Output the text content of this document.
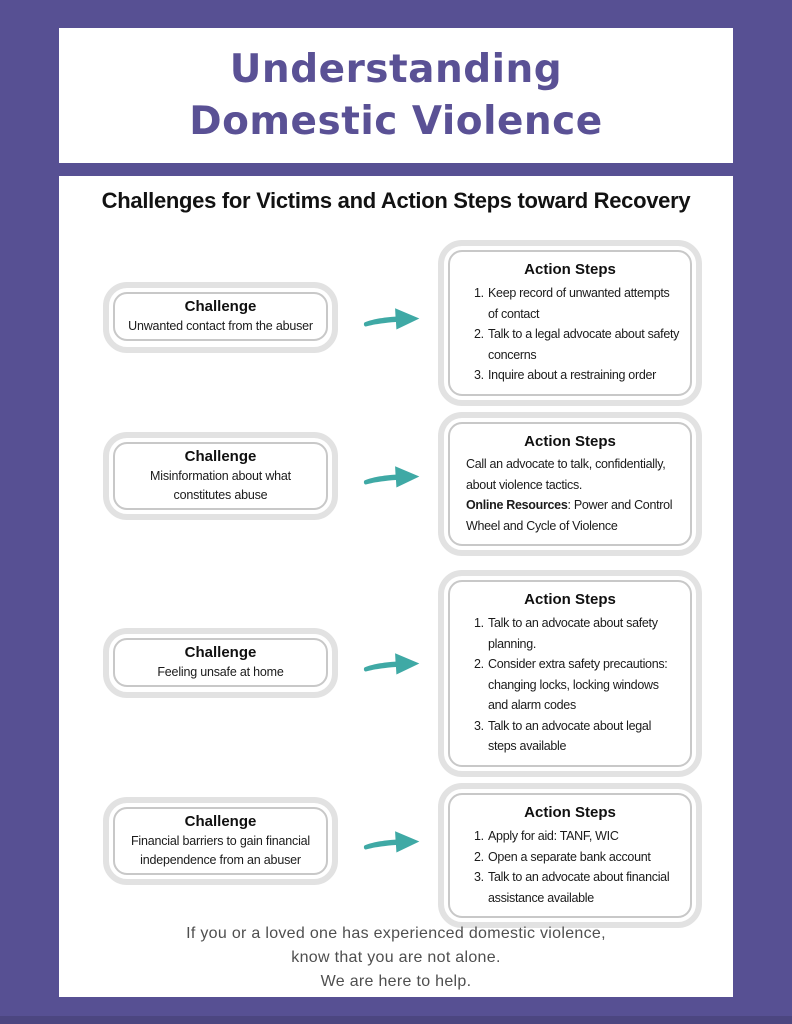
Understanding
Domestic Violence
Challenges for Victims and Action Steps toward Recovery
Challenge
Unwanted contact from the abuser
Action Steps
Keep record of unwanted attempts of contact
Talk to a legal advocate about safety concerns
Inquire about a restraining order
Challenge
Misinformation about what constitutes abuse
Action Steps

Call an advocate to talk, confidentially, about violence tactics.

Online Resources: Power and Control Wheel and Cycle of Violence

Challenge
Feeling unsafe at home
Action Steps
Talk to an advocate about safety planning.
Consider extra safety precautions: changing locks, locking windows and alarm codes
Talk to an advocate about legal steps available
Challenge
Financial barriers to gain financial independence from an abuser
Action Steps
Apply for aid: TANF, WIC
Open a separate bank account
Talk to an advocate about financial assistance available
If you or a loved one has experienced domestic violence,
know that you are not alone.
We are here to help.
